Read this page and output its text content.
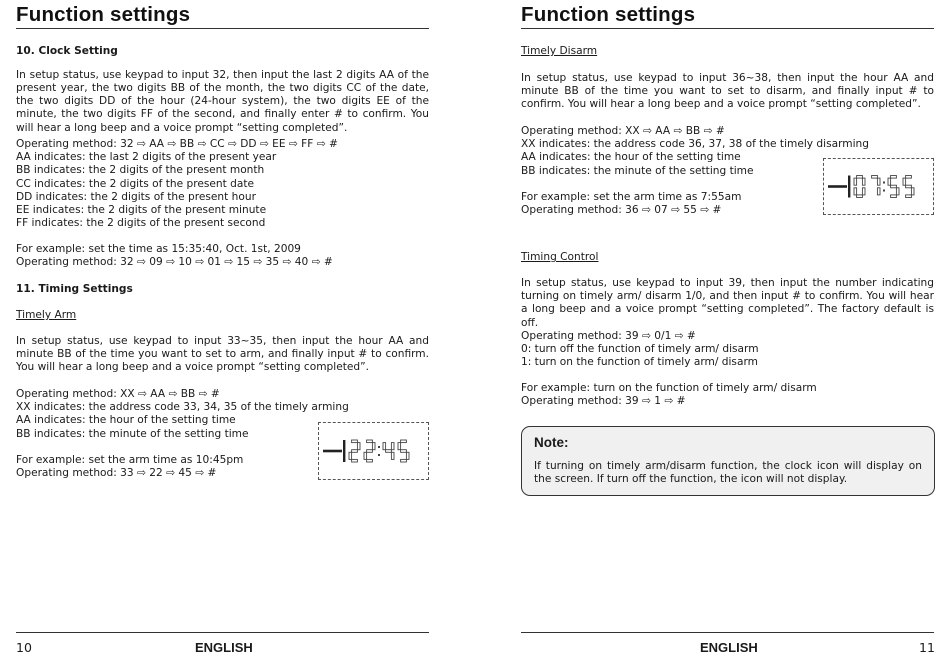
Function settings
10. Clock Setting

In setup status, use keypad to input 32, then input the last 2 digits AA of the present year, the two digits BB of the month, the two digits CC of the date, the two digits DD of the hour (24-hour system), the two digits EE of the minute, the two digits FF of the second, and finally enter # to confirm. You will hear a long beep and a voice prompt “setting completed”.

Operating method: 32 ⇨ AA ⇨ BB ⇨ CC ⇨ DD ⇨ EE ⇨ FF ⇨ #

AA indicates: the last 2 digits of the present year

BB indicates: the 2 digits of the present month

CC indicates: the 2 digits of the present date

DD indicates: the 2 digits of the present hour

EE indicates: the 2 digits of the present minute

FF indicates: the 2 digits of the present second

For example: set the time as 15:35:40, Oct. 1st, 2009

Operating method: 32 ⇨ 09 ⇨ 10 ⇨ 01 ⇨ 15 ⇨ 35 ⇨ 40 ⇨ #

11. Timing Settings
Timely Arm
In setup status, use keypad to input 33~35, then input the hour AA and minute BB of the time you want to set to arm, and finally input # to confirm. You will hear a long beep and a voice prompt “setting completed”.

Operating method: XX ⇨ AA ⇨ BB ⇨ #

XX indicates: the address code 33, 34, 35 of the timely arming

AA indicates: the hour of the setting time

BB indicates: the minute of the setting time

For example: set the arm time as 10:45pm

Operating method: 33 ⇨ 22 ⇨ 45 ⇨ #

10	ENGLISH
Function settings
Timely Disarm
In setup status, use keypad to input 36~38, then input the hour AA and minute BB of the time you want to set to disarm, and finally input # to confirm. You will hear a long beep and a voice prompt “setting completed”.

Operating method: XX ⇨ AA ⇨ BB ⇨ #

XX indicates: the address code 36, 37, 38 of the timely disarming

AA indicates: the hour of the setting time

BB indicates: the minute of the setting time

For example: set the arm time as 7:55am

Operating method: 36 ⇨ 07 ⇨ 55 ⇨ #

Timing Control
In setup status, use keypad to input 39, then input the number indicating turning on timely arm/ disarm 1/0, and then input # to confirm. You will hear a long beep and a voice prompt “setting completed”. The factory default is off.

Operating method: 39 ⇨ 0/1 ⇨ #

0: turn off the function of timely arm/ disarm

1: turn on the function of timely arm/ disarm

For example: turn on the function of timely arm/ disarm

Operating method: 39 ⇨ 1 ⇨ #

Note:
If turning on timely arm/disarm function, the clock icon will display on the screen. If turn off the function, the icon will not display.
ENGLISH	11
